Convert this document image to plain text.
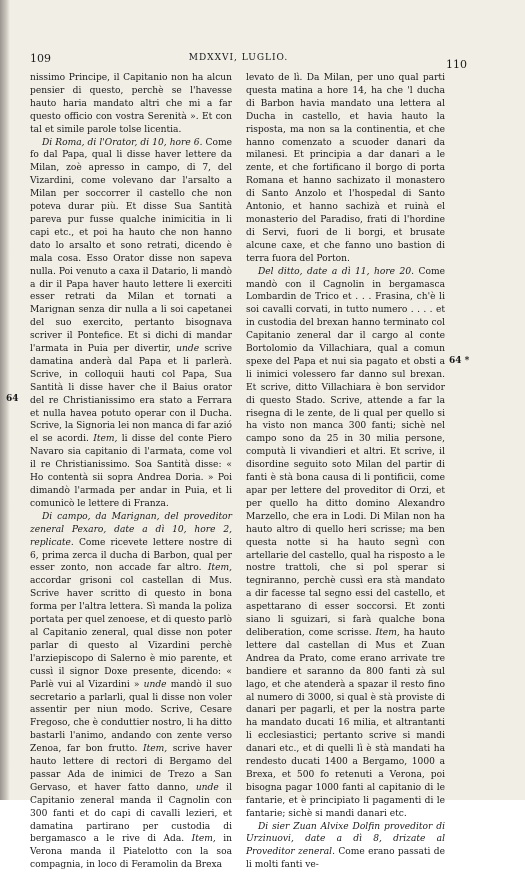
109	MDXXVI, LUGLIO.	110
64
64 *

nissimo Principe, il Capitanio non ha alcun pensier di questo, perchè se l'havesse hauto haria mandato altri che mi a far questo officio con vostra Serenità ». Et con tal et simile parole tolse licentia.

Di Roma, di l'Orator, di 10, hore 6. Come fo dal Papa, qual li disse haver lettere da Milan, zoè apresso in campo, di 7, del Vizardini, come volevano dar l'arsalto a Milan per soccorrer il castello che non poteva durar più. Et disse Sua Santità pareva pur fusse qualche inimicitia in li capi etc., et poi ha hauto che non hanno dato lo arsalto et sono retrati, dicendo è mala cosa. Esso Orator disse non sapeva nulla. Poi venuto a caxa il Datario, li mandò a dir il Papa haver hauto lettere li exerciti esser retrati da Milan et tornati a Marignan senza dir nulla a li soi capetanei del suo exercito, pertanto bisognava scriver il Pontefice. Et si dichi di mandar l'armata in Puia per divertir, unde scrive damatina anderà dal Papa et li parlerà. Scrive, in colloquii hauti col Papa, Sua Santità li disse haver che il Baius orator del re Christianissimo era stato a Ferrara et nulla havea potuto operar con il Ducha. Scrive, la Signoria lei non manca di far azió el se acordi. Item, li disse del conte Piero Navaro sia capitanio di l'armata, come vol il re Christianissimo. Soa Santità disse: « Ho contentà sii sopra Andrea Doria. » Poi dimandò l'armada per andar in Puia, et li comunicò le lettere di Franza.

Di campo, da Marignan, del proveditor zeneral Pexaro, date a dì 10, hore 2, replicate. Come ricevete lettere nostre di 6, prima zerca il ducha di Barbon, qual per esser zonto, non accade far altro. Item, accordar grisoni col castellan di Mus. Scrive haver scritto di questo in bona forma per l'altra lettera. Sì manda la poliza portata per quel zenoese, et di questo parlò al Capitanio zeneral, qual disse non poter parlar di questo al Vizardini perchè l'arziepiscopo di Salerno è mio parente, et cussì il signor Doxe presente, dicendo: « Parlè vui al Vizardini » unde mandò il suo secretario a parlarli, qual li disse non voler assentir per niun modo. Scrive, Cesare Fregoso, che è conduttier nostro, li ha ditto bastarli l'animo, andando con zente verso Zenoa, far bon frutto. Item, scrive haver hauto lettere di rectori di Bergamo del passar Ada de inimici de Trezo a San Gervaso, et haver fatto danno, unde il Capitanio zeneral manda il Cagnolin con 300 fanti et do capi di cavalli lezieri, et damatina partirano per custodia di bergamasco a le rive di Ada. Item, in Verona manda il Piatelotto con la soa compagnia, in loco di Feramolin da Brexa

levato de lì. Da Milan, per uno qual parti questa matina a hore 14, ha che 'l ducha di Barbon havia mandato una lettera al Ducha in castello, et havia hauto la risposta, ma non sa la continentia, et che hanno comenzato a scuoder danari da milanesi. Et principia a dar danari a le zente, et che fortificano il borgo di porta Romana et hanno sachizato il monastero di Santo Anzolo et l'hospedal di Santo Antonio, et hanno sachizà et ruinà el monasterio del Paradiso, frati di l'hordine di Servi, fuori de li borgi, et brusate alcune caxe, et che fanno uno bastion di terra fuora del Porton.

Del ditto, date a dì 11, hore 20. Come mandò con il Cagnolin in bergamasca Lombardin de Trico et . . . Frasina, ch'è li soi cavalli corvati, in tutto numero . . . . et in custodia del brexan hanno terminato col Capitanio zeneral dar il cargo al conte Bortolomio da Villachiara, qual a comun spexe del Papa et nui sia pagato et obsti a li inimici volessero far danno sul brexan. Et scrive, ditto Villachiara è bon servidor di questo Stado. Scrive, attende a far la risegna di le zente, de li qual per quello si ha visto non manca 300 fanti; sichè nel campo sono da 25 in 30 milia persone, computà li vivandieri et altri. Et scrive, il disordine seguito soto Milan del partir di fanti è stà bona causa di li pontificii, come apar per lettere del proveditor di Orzi, et per quello ha ditto domino Alexandro Marzello, che era in Lodi. Di Milan non ha hauto altro di quello heri scrisse; ma ben questa notte si ha hauto segnì con artellarie del castello, qual ha risposto a le nostre trattoli, che si pol sperar si tegniranno, perchè cussì era stà mandato a dir facesse tal segno essi del castello, et aspettarano di esser soccorsi. Et zonti siano li sguizari, si farà qualche bona deliberation, come scrisse. Item, ha hauto lettere dal castellan di Mus et Zuan Andrea da Prato, come erano arrivate tre bandiere et saranno da 800 fanti zà sul lago, et che atenderà a spazar il resto fino al numero di 3000, si qual è stà proviste di danari per pagarli, et per la nostra parte ha mandato ducati 16 milia, et altrantanti li ecclesiastici; pertanto scrive si mandi danari etc., et di quelli lì è stà mandati ha rendesto ducati 1400 a Bergamo, 1000 a Brexa, et 500 fo retenuti a Verona, poi bisogna pagar 1000 fanti al capitanio di le fantarie, et è principiato li pagamenti di le fantarie; sichè si mandi danari etc.

Di sier Zuan Alvixe Dolfin proveditor di Urzinuovi, date a dì 8, drizate al Proveditor zeneral. Come erano passati de li molti fanti ve-
